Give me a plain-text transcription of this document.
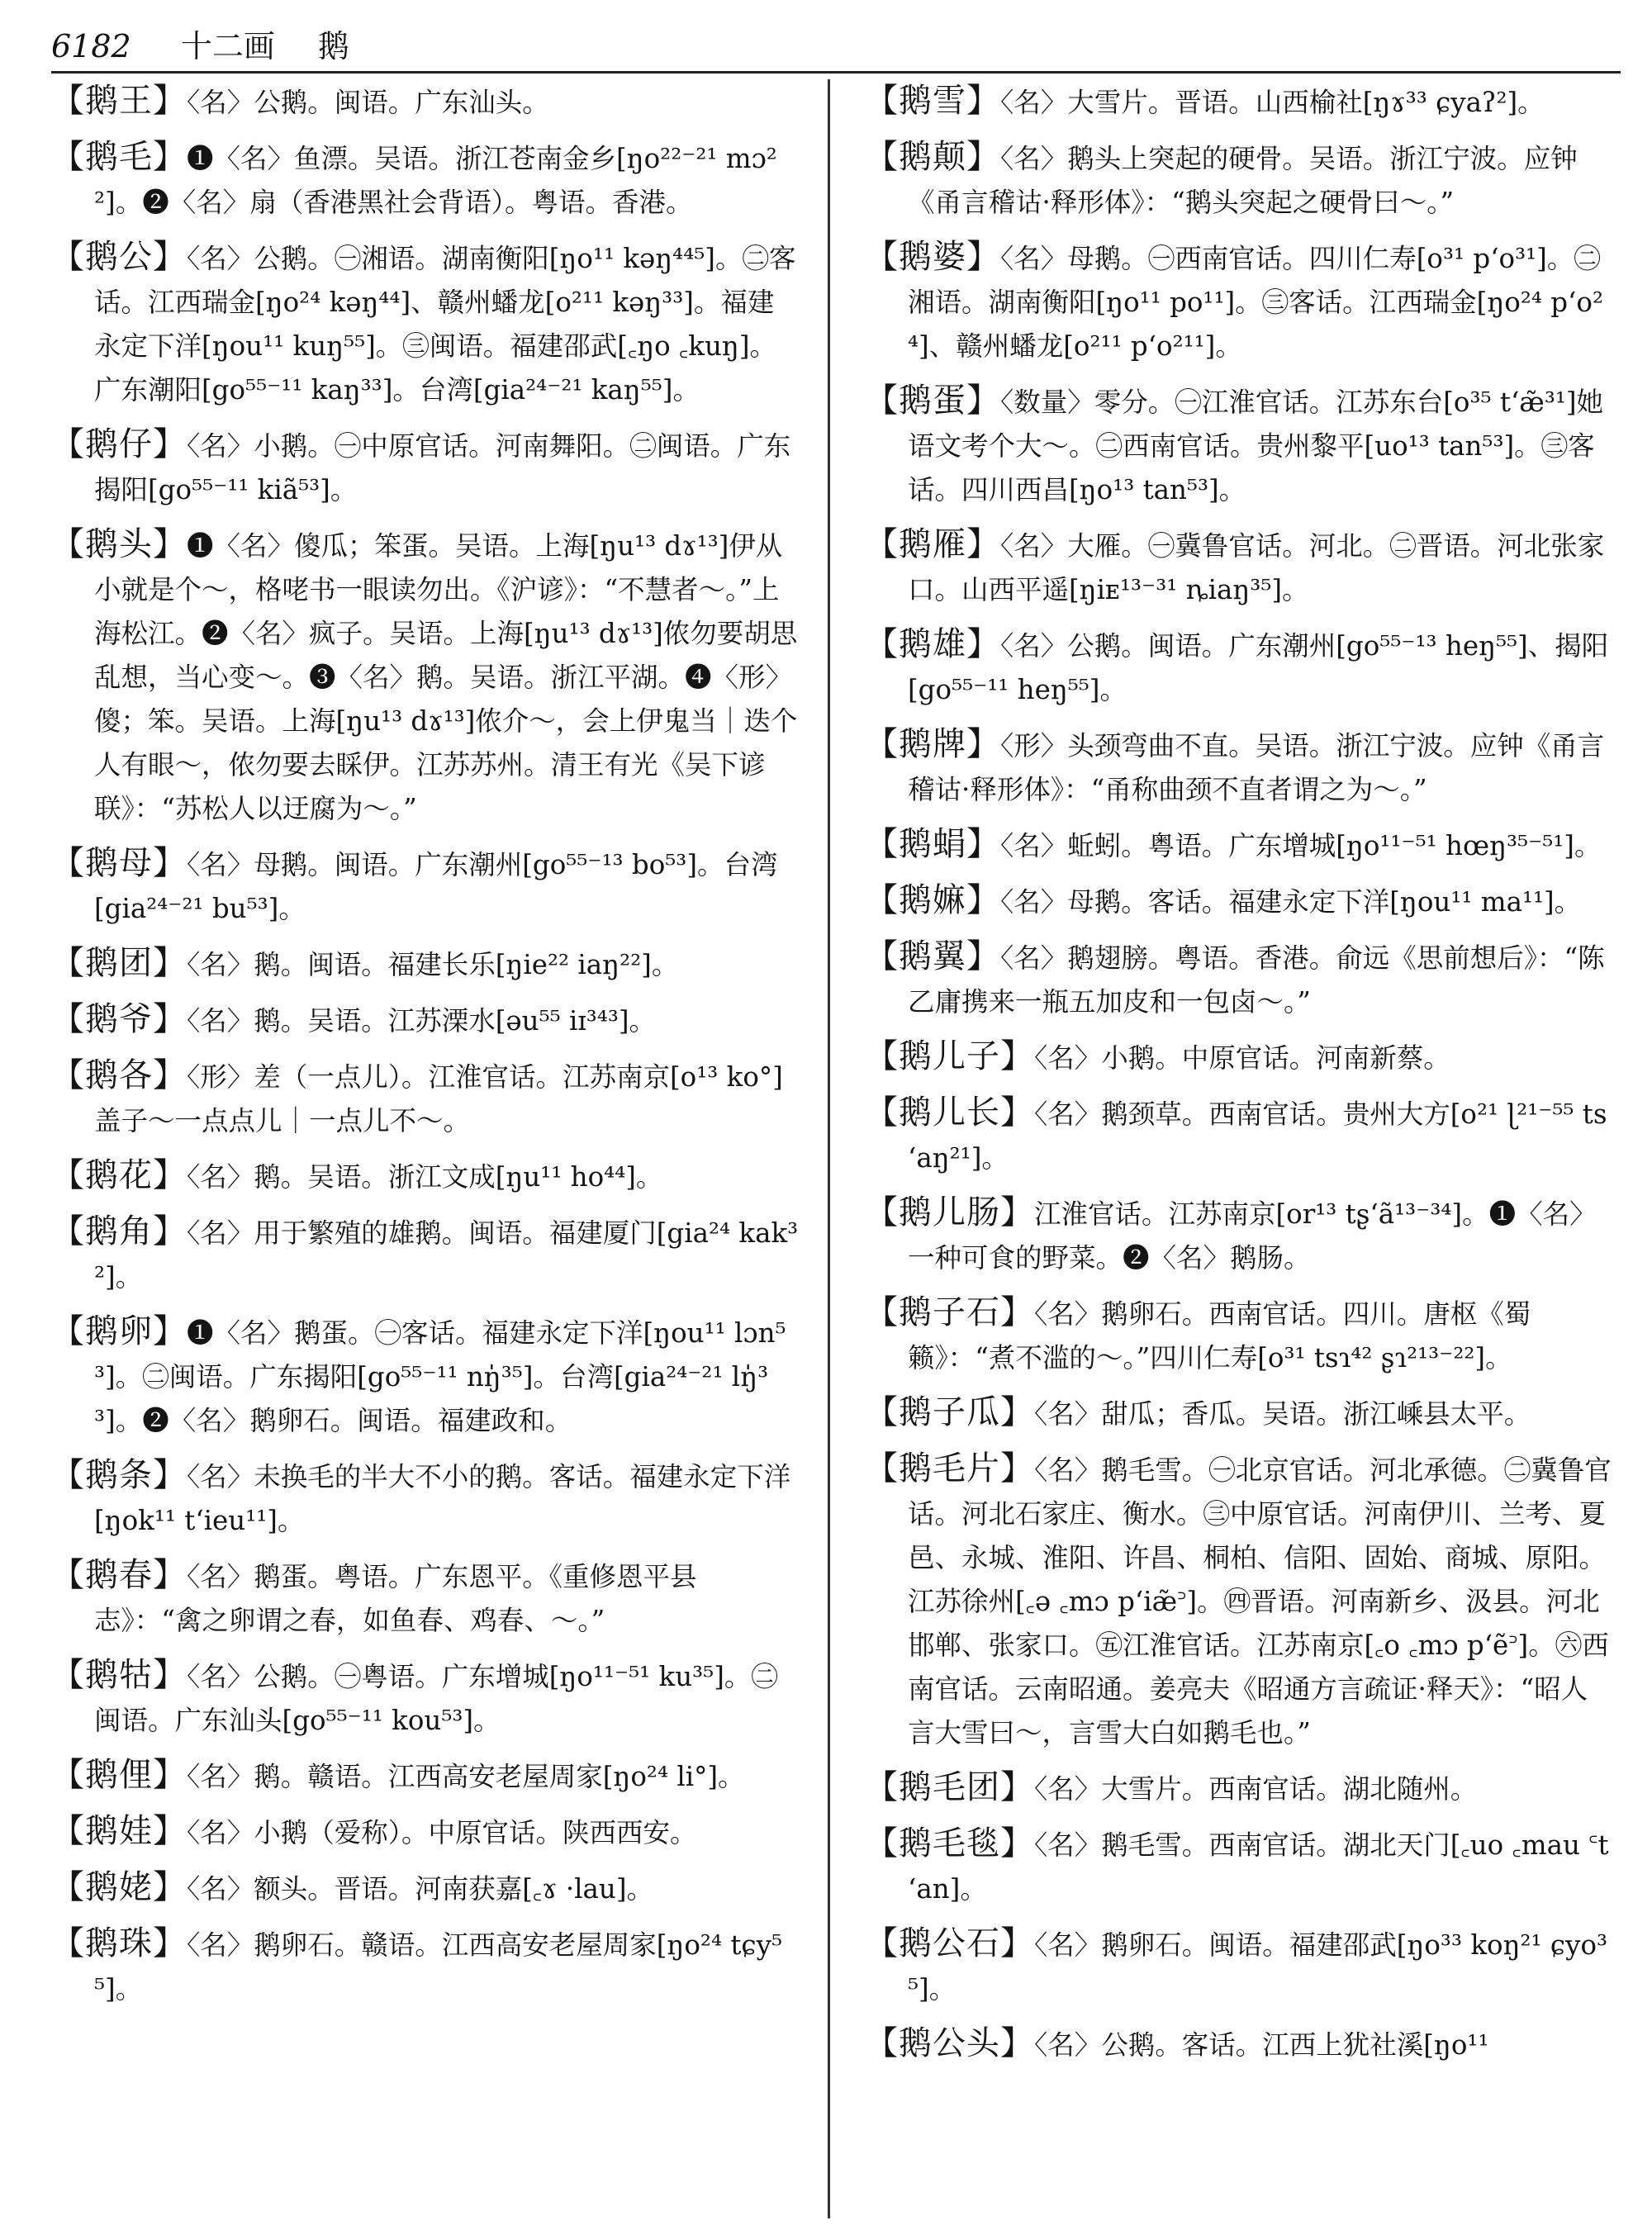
6182 十二画 鹅

【鹅王】〈名〉公鹅。闽语。广东汕头。

【鹅毛】❶〈名〉鱼漂。吴语。浙江苍南金乡[ŋo²²⁻²¹ mɔ²²]。❷〈名〉扇（香港黑社会背语）。粤语。香港。

【鹅公】〈名〉公鹅。㊀湘语。湖南衡阳[ŋo¹¹ kəŋ⁴⁴⁵]。㊁客话。江西瑞金[ŋo²⁴ kəŋ⁴⁴]、赣州蟠龙[o²¹¹ kəŋ³³]。福建永定下洋[ŋou¹¹ kuŋ⁵⁵]。㊂闽语。福建邵武[꜀ŋo ꜀kuŋ]。广东潮阳[go⁵⁵⁻¹¹ kaŋ³³]。台湾[gia²⁴⁻²¹ kaŋ⁵⁵]。

【鹅仔】〈名〉小鹅。㊀中原官话。河南舞阳。㊁闽语。广东揭阳[go⁵⁵⁻¹¹ kiã⁵³]。

【鹅头】❶〈名〉傻瓜；笨蛋。吴语。上海[ŋu¹³ dɤ¹³]伊从小就是个～，格咾书一眼读勿出。《沪谚》：“不慧者～。”上海松江。❷〈名〉疯子。吴语。上海[ŋu¹³ dɤ¹³]侬勿要胡思乱想，当心变～。❸〈名〉鹅。吴语。浙江平湖。❹〈形〉傻；笨。吴语。上海[ŋu¹³ dɤ¹³]侬介～，会上伊鬼当｜迭个人有眼～，侬勿要去睬伊。江苏苏州。清王有光《吴下谚联》：“苏松人以迂腐为～。”

【鹅母】〈名〉母鹅。闽语。广东潮州[go⁵⁵⁻¹³ bo⁵³]。台湾[gia²⁴⁻²¹ bu⁵³]。

【鹅团】〈名〉鹅。闽语。福建长乐[ŋie²² iaŋ²²]。

【鹅爷】〈名〉鹅。吴语。江苏溧水[əu⁵⁵ iɪ³⁴³]。

【鹅各】〈形〉差（一点儿）。江淮官话。江苏南京[o¹³ ko°]盖子～一点点儿｜一点儿不～。

【鹅花】〈名〉鹅。吴语。浙江文成[ŋu¹¹ ho⁴⁴]。

【鹅角】〈名〉用于繁殖的雄鹅。闽语。福建厦门[gia²⁴ kak³²]。

【鹅卵】❶〈名〉鹅蛋。㊀客话。福建永定下洋[ŋou¹¹ lɔn⁵³]。㊁闽语。广东揭阳[go⁵⁵⁻¹¹ nŋ̍³⁵]。台湾[gia²⁴⁻²¹ lŋ̍³³]。❷〈名〉鹅卵石。闽语。福建政和。

【鹅条】〈名〉未换毛的半大不小的鹅。客话。福建永定下洋[ŋok¹¹ tʻieu¹¹]。

【鹅春】〈名〉鹅蛋。粤语。广东恩平。《重修恩平县志》：“禽之卵谓之春，如鱼春、鸡春、～。”

【鹅牯】〈名〉公鹅。㊀粤语。广东增城[ŋo¹¹⁻⁵¹ ku³⁵]。㊁闽语。广东汕头[go⁵⁵⁻¹¹ kou⁵³]。

【鹅俚】〈名〉鹅。赣语。江西高安老屋周家[ŋo²⁴ li°]。

【鹅娃】〈名〉小鹅（爱称）。中原官话。陕西西安。

【鹅姥】〈名〉额头。晋语。河南获嘉[꜀ɤ ·lau]。

【鹅珠】〈名〉鹅卵石。赣语。江西高安老屋周家[ŋo²⁴ tɕy⁵⁵]。

【鹅雪】〈名〉大雪片。晋语。山西榆社[ŋɤ³³ ɕyaʔ²]。

【鹅颠】〈名〉鹅头上突起的硬骨。吴语。浙江宁波。应钟《甬言稽诂·释形体》：“鹅头突起之硬骨曰～。”

【鹅婆】〈名〉母鹅。㊀西南官话。四川仁寿[o³¹ pʻo³¹]。㊁湘语。湖南衡阳[ŋo¹¹ po¹¹]。㊂客话。江西瑞金[ŋo²⁴ pʻo²⁴]、赣州蟠龙[o²¹¹ pʻo²¹¹]。

【鹅蛋】〈数量〉零分。㊀江淮官话。江苏东台[o³⁵ tʻæ̃³¹]她语文考个大～。㊁西南官话。贵州黎平[uo¹³ tan⁵³]。㊂客话。四川西昌[ŋo¹³ tan⁵³]。

【鹅雁】〈名〉大雁。㊀冀鲁官话。河北。㊁晋语。河北张家口。山西平遥[ŋiᴇ¹³⁻³¹ ȵiaŋ³⁵]。

【鹅雄】〈名〉公鹅。闽语。广东潮州[go⁵⁵⁻¹³ heŋ⁵⁵]、揭阳[go⁵⁵⁻¹¹ heŋ⁵⁵]。

【鹅牌】〈形〉头颈弯曲不直。吴语。浙江宁波。应钟《甬言稽诂·释形体》：“甬称曲颈不直者谓之为～。”

【鹅蜎】〈名〉蚯蚓。粤语。广东增城[ŋo¹¹⁻⁵¹ hœŋ³⁵⁻⁵¹]。

【鹅嫲】〈名〉母鹅。客话。福建永定下洋[ŋou¹¹ ma¹¹]。

【鹅翼】〈名〉鹅翅膀。粤语。香港。俞远《思前想后》：“陈乙庸携来一瓶五加皮和一包卤～。”

【鹅儿子】〈名〉小鹅。中原官话。河南新蔡。

【鹅儿长】〈名〉鹅颈草。西南官话。贵州大方[o²¹ ɭ²¹⁻⁵⁵ tsʻaŋ²¹]。

【鹅儿肠】江淮官话。江苏南京[or¹³ tʂʻã¹³⁻³⁴]。❶〈名〉一种可食的野菜。❷〈名〉鹅肠。

【鹅子石】〈名〉鹅卵石。西南官话。四川。唐枢《蜀籁》：“煮不滥的～。”四川仁寿[o³¹ tsɿ⁴² ʂɿ²¹³⁻²²]。

【鹅子瓜】〈名〉甜瓜；香瓜。吴语。浙江嵊县太平。

【鹅毛片】〈名〉鹅毛雪。㊀北京官话。河北承德。㊁冀鲁官话。河北石家庄、衡水。㊂中原官话。河南伊川、兰考、夏邑、永城、淮阳、许昌、桐柏、信阳、固始、商城、原阳。江苏徐州[꜀ə ꜀mɔ pʻiæ̃꜄]。㊃晋语。河南新乡、汲县。河北邯郸、张家口。㊄江淮官话。江苏南京[꜀o ꜀mɔ pʻẽ꜄]。㊅西南官话。云南昭通。姜亮夫《昭通方言疏证·释天》：“昭人言大雪曰～，言雪大白如鹅毛也。”

【鹅毛团】〈名〉大雪片。西南官话。湖北随州。

【鹅毛毯】〈名〉鹅毛雪。西南官话。湖北天门[꜀uo ꜀mau ꜂tʻan]。

【鹅公石】〈名〉鹅卵石。闽语。福建邵武[ŋo³³ koŋ²¹ ɕyo³⁵]。

【鹅公头】〈名〉公鹅。客话。江西上犹社溪[ŋo¹¹
